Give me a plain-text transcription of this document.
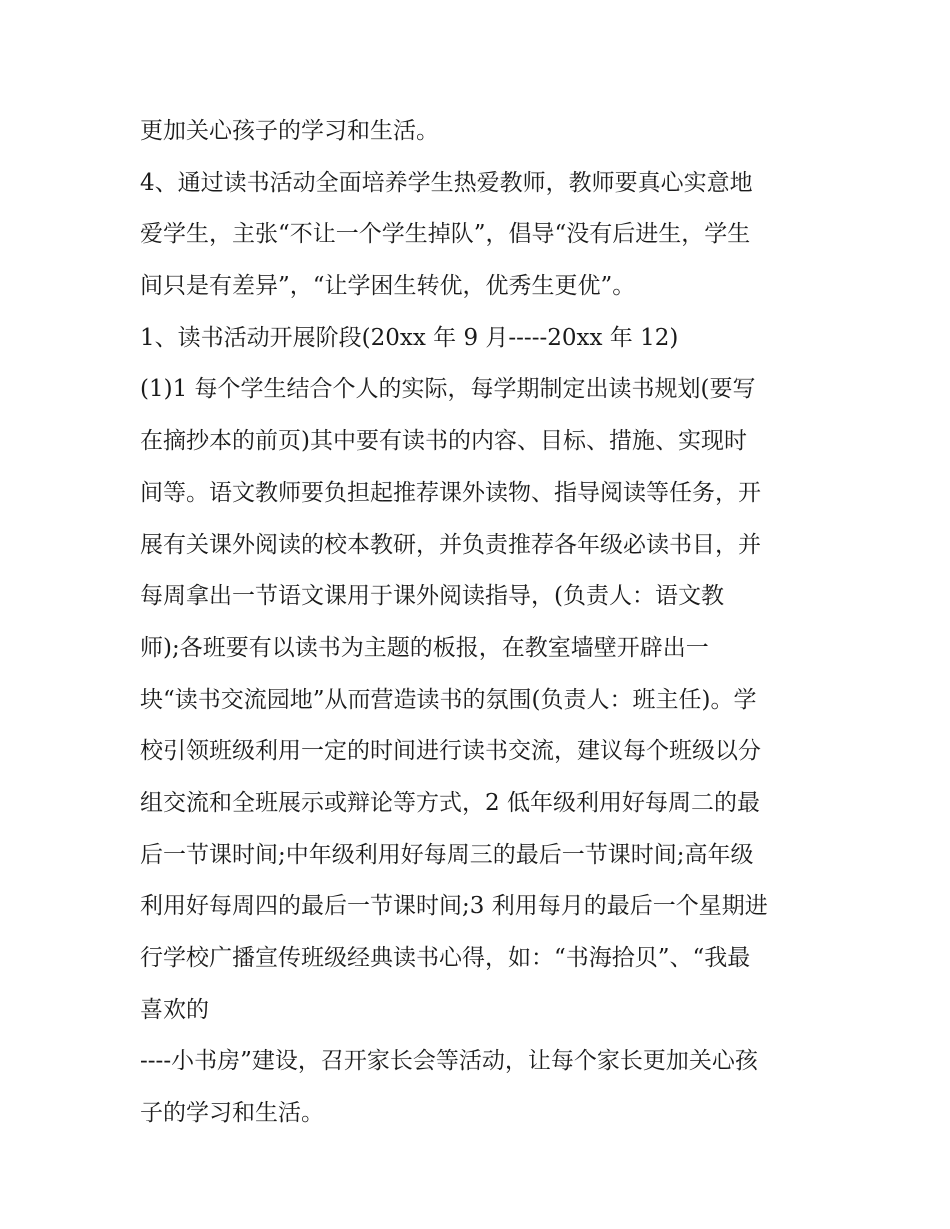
更加关心孩子的学习和生活。
4、通过读书活动全面培养学生热爱教师，教师要真心实意地
爱学生，主张“不让一个学生掉队”，倡导“没有后进生，学生
间只是有差异”，“让学困生转优，优秀生更优”。
1、读书活动开展阶段(20xx 年 9 月-----20xx 年 12)
(1)1 每个学生结合个人的实际，每学期制定出读书规划(要写
在摘抄本的前页)其中要有读书的内容、目标、措施、实现时
间等。语文教师要负担起推荐课外读物、指导阅读等任务，开
展有关课外阅读的校本教研，并负责推荐各年级必读书目，并
每周拿出一节语文课用于课外阅读指导，(负责人：语文教
师);各班要有以读书为主题的板报，在教室墙壁开辟出一
块“读书交流园地”从而营造读书的氛围(负责人：班主任)。学
校引领班级利用一定的时间进行读书交流，建议每个班级以分
组交流和全班展示或辩论等方式，2 低年级利用好每周二的最
后一节课时间;中年级利用好每周三的最后一节课时间;高年级
利用好每周四的最后一节课时间;3 利用每月的最后一个星期进
行学校广播宣传班级经典读书心得，如：“书海拾贝”、“我最
喜欢的
----小书房”建设，召开家长会等活动，让每个家长更加关心孩
子的学习和生活。
